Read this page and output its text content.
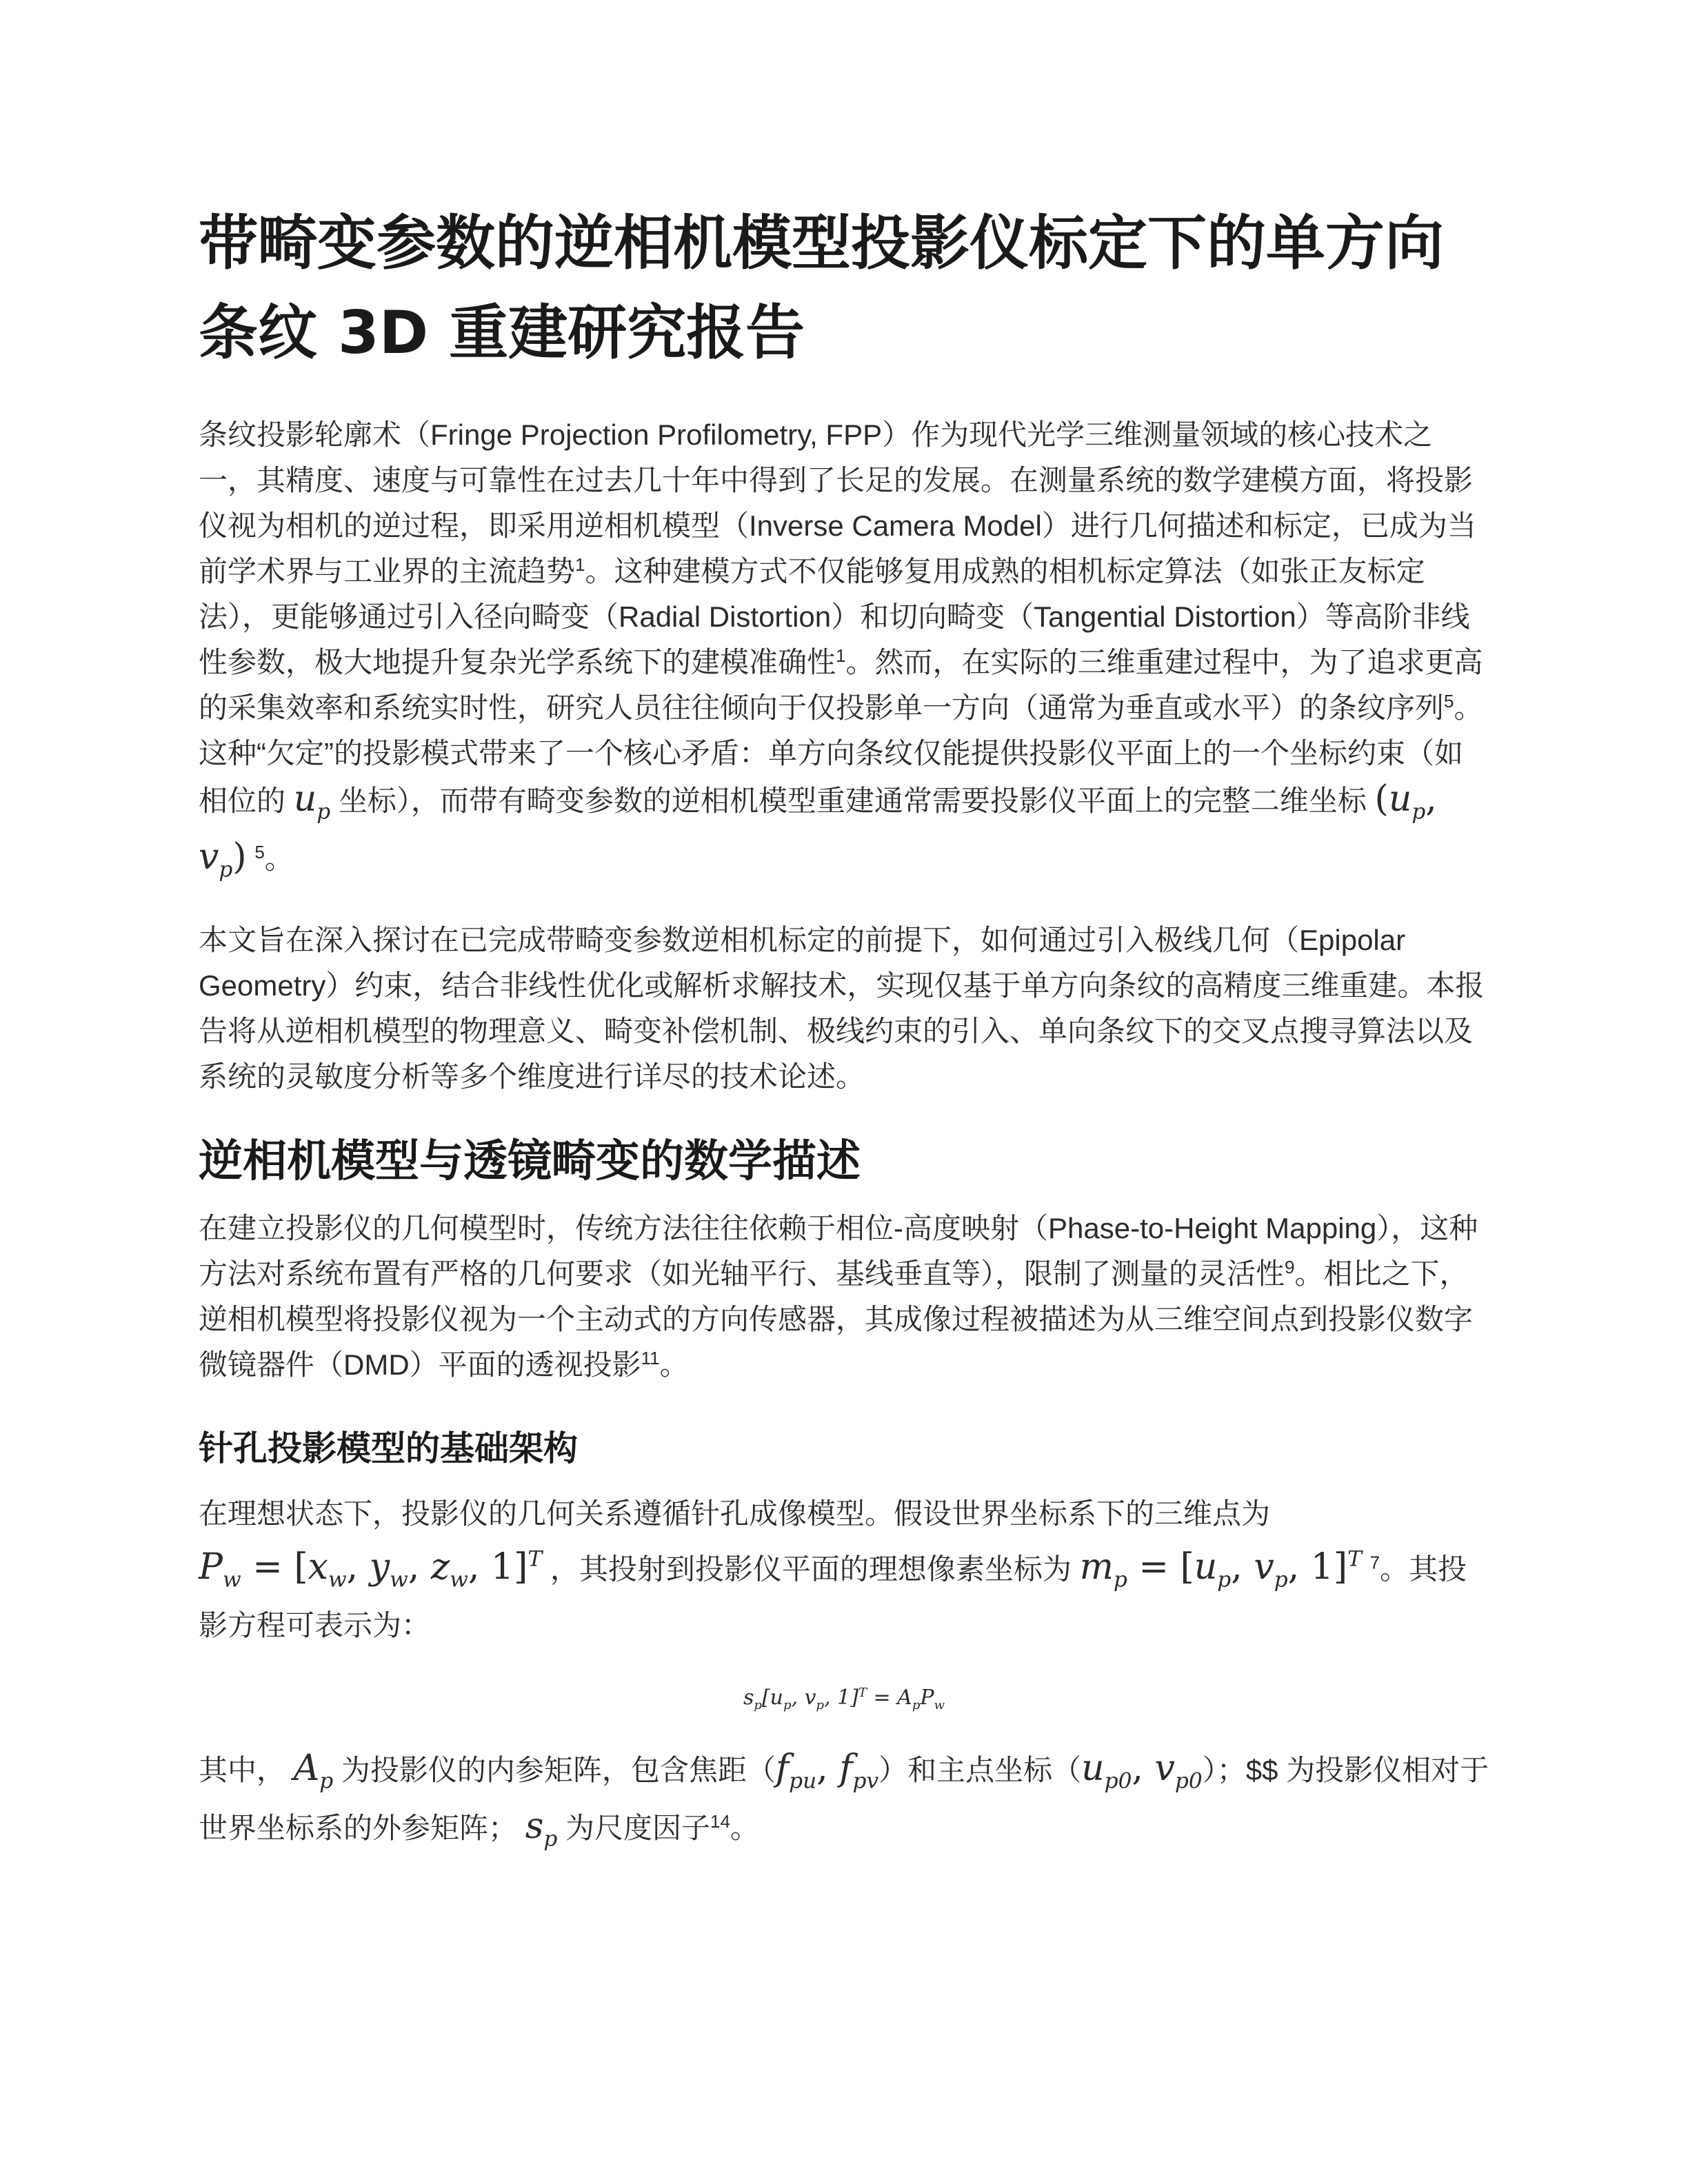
带畸变参数的逆相机模型投影仪标定下的单方向条纹 3D 重建研究报告

条纹投影轮廓术（Fringe Projection Profilometry, FPP）作为现代光学三维测量领域的核心技术之一，其精度、速度与可靠性在过去几十年中得到了长足的发展。在测量系统的数学建模方面，将投影仪视为相机的逆过程，即采用逆相机模型（Inverse Camera Model）进行几何描述和标定，已成为当前学术界与工业界的主流趋势$^1$。这种建模方式不仅能够复用成熟的相机标定算法（如张正友标定法），更能够通过引入径向畸变（Radial Distortion）和切向畸变（Tangential Distortion）等高阶非线性参数，极大地提升复杂光学系统下的建模准确性$^1$。然而，在实际的三维重建过程中，为了追求更高的采集效率和系统实时性，研究人员往往倾向于仅投影单一方向（通常为垂直或水平）的条纹序列$^5$。这种“欠定”的投影模式带来了一个核心矛盾：单方向条纹仅能提供投影仪平面上的一个坐标约束（如相位的 $u_p$ 坐标），而带有畸变参数的逆相机模型重建通常需要投影仪平面上的完整二维坐标 ($u_p$, $v_p$) $^5$。

本文旨在深入探讨在已完成带畸变参数逆相机标定的前提下，如何通过引入极线几何（Epipolar Geometry）约束，结合非线性优化或解析求解技术，实现仅基于单方向条纹的高精度三维重建。本报告将从逆相机模型的物理意义、畸变补偿机制、极线约束的引入、单向条纹下的交叉点搜寻算法以及系统的灵敏度分析等多个维度进行详尽的技术论述。

逆相机模型与透镜畸变的数学描述

在建立投影仪的几何模型时，传统方法往往依赖于相位-高度映射（Phase-to-Height Mapping），这种方法对系统布置有严格的几何要求（如光轴平行、基线垂直等），限制了测量的灵活性$^9$。相比之下，逆相机模型将投影仪视为一个主动式的方向传感器，其成像过程被描述为从三维空间点到投影仪数字微镜器件（DMD）平面的透视投影$^{11}$。

针孔投影模型的基础架构

在理想状态下，投影仪的几何关系遵循针孔成像模型。假设世界坐标系下的三维点为
$P_w = [x_w$, $y_w$, $z_w$, 1]$^T$ ，其投射到投影仪平面的理想像素坐标为 $m_p = [u_p$, $v_p$, 1]$^T$ $^7$。其投影方程可表示为：

$s_p[u_p$, $v_p$, $1]^T = A_pP_w$

其中， $A_p$ 为投影仪的内参矩阵，包含焦距（$f_{pu}$, $f_{pv}$）和主点坐标（$u_{p0}$, $v_{p0}$）；$$ 为投影仪相对于世界坐标系的外参矩阵； $s_p$ 为尺度因子$^{14}$。
